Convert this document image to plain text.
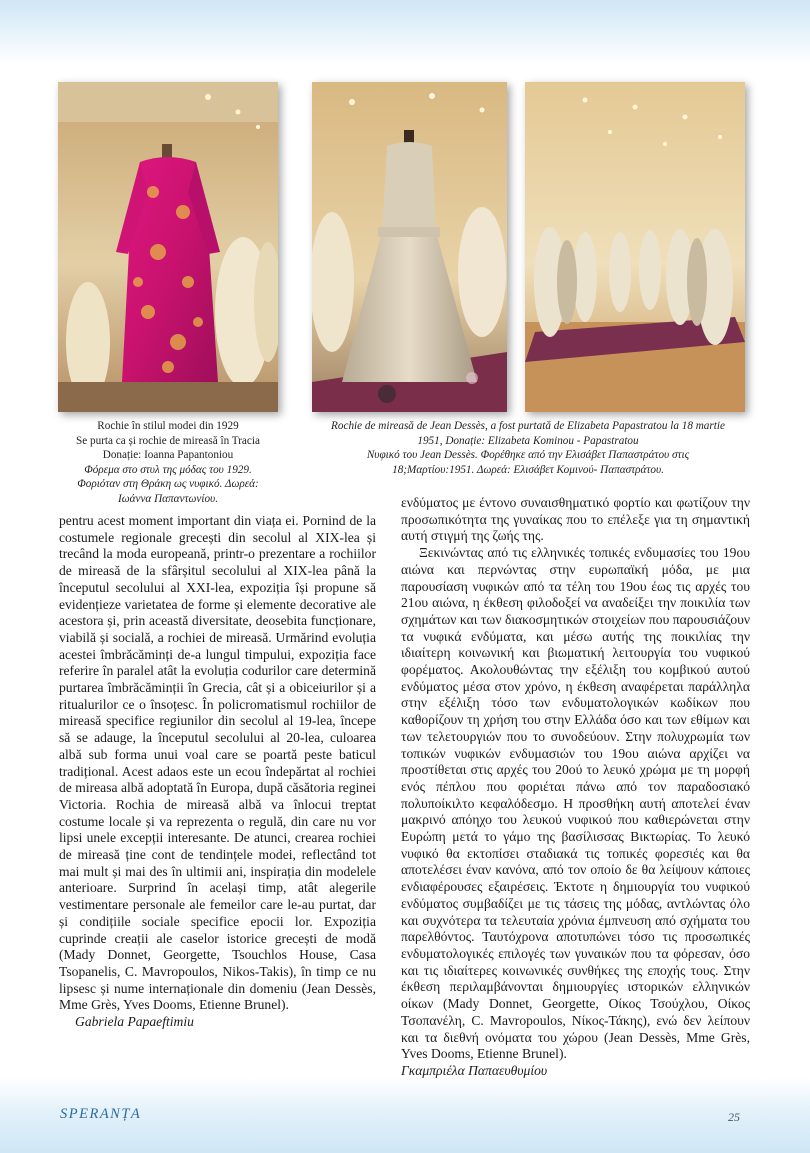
Rochie în stilul modei din 1929
Se purta ca și rochie de mireasă în Tracia
Donație: Ioanna Papantoniou
Φόρεμα στο στυλ της μόδας του 1929.
Φοριόταν στη Θράκη ως νυφικό. Δωρεά:
Ιωάννα Παπαντωνίου.
Rochie de mireasă de Jean Dessès, a fost purtată de Elizabeta Papastratou la 18 martie
1951, Donație: Elizabeta Kominou - Papastratou
Νυφικό του Jean Dessès. Φορέθηκε από την Ελισάβετ Παπαστράτου στις
18;Μαρτίου:1951. Δωρεά: Ελισάβετ Κομινού- Παπαστράτου.

pentru acest moment important din viața ei. Pornind de la costumele regionale grecești din secolul al XIX-lea și trecând la moda europeană, printr-o prezentare a rochiilor de mireasă de la sfârșitul secolului al XIX-lea până la începutul secolului al XXI-lea, expoziția își propune să evidențieze varietatea de forme și elemente decorative ale acestora și, prin această diversitate, deosebita funcționare, viabilă și socială, a rochiei de mireasă. Urmărind evoluția acestei îmbrăcăminți de-a lungul timpului, expoziția face referire în paralel atât la evoluția codurilor care determină purtarea îmbrăcăminții în Grecia, cât și a obiceiurilor și a ritualurilor ce o însoțesc. În policromatismul rochiilor de mireasă specifice regiunilor din secolul al 19-lea, începe să se adauge, la începutul secolului al 20-lea, culoarea albă sub forma unui voal care se poartă peste baticul tradițional. Acest adaos este un ecou îndepărtat al rochiei de mireasa albă adoptată în Europa, după căsătoria reginei Victoria. Rochia de mireasă albă va înlocui treptat costume locale și va reprezenta o regulă, din care nu vor lipsi unele excepții interesante. De atunci, crearea rochiei de mireasă ține cont de tendințele modei, reflectând tot mai mult și mai des în ultimii ani, inspirația din modelele anterioare. Surprind în același timp, atât alegerile vestimentare personale ale femeilor care le-au purtat, dar și condițiile sociale specifice epocii lor. Expoziția cuprinde creații ale caselor istorice grecești de modă (Mady Donnet, Georgette, Tsouchlos House, Casa Tsopanelis, C. Mavropoulos, Nikos-Takis), în timp ce nu lipsesc și nume internaționale din domeniu (Jean Dessès, Mme Grès, Yves Dooms, Etienne Brunel).

Gabriela Papaeftimiu

ενδύματος με έντονο συναισθηματικό φορτίο και φωτίζουν την προσωπικότητα της γυναίκας που το επέλεξε για τη σημαντική αυτή στιγμή της ζωής της.

Ξεκινώντας από τις ελληνικές τοπικές ενδυμασίες του 19ου αιώνα και περνώντας στην ευρωπαϊκή μόδα, με μια παρουσίαση νυφικών από τα τέλη του 19ου έως τις αρχές του 21ου αιώνα, η έκθεση φιλοδοξεί να αναδείξει την ποικιλία των σχημάτων και των διακοσμητικών στοιχείων που παρουσιάζουν τα νυφικά ενδύματα, και μέσω αυτής της ποικιλίας την ιδιαίτερη κοινωνική και βιωματική λειτουργία του νυφικού φορέματος. Ακολουθώντας την εξέλιξη του κομβικού αυτού ενδύματος μέσα στον χρόνο, η έκθεση αναφέρεται παράλληλα στην εξέλιξη τόσο των ενδυματολογικών κωδίκων που καθορίζουν τη χρήση του στην Ελλάδα όσο και των εθίμων και των τελετουργιών που το συνοδεύουν. Στην πολυχρωμία των τοπικών νυφικών ενδυμασιών του 19ου αιώνα αρχίζει να προστίθεται στις αρχές του 20ού το λευκό χρώμα με τη μορφή ενός πέπλου που φοριέται πάνω από τον παραδοσιακό πολυποίκιλτο κεφαλόδεσμο. Η προσθήκη αυτή αποτελεί έναν μακρινό απόηχο του λευκού νυφικού που καθιερώνεται στην Ευρώπη μετά το γάμο της βασίλισσας Βικτωρίας. Το λευκό νυφικό θα εκτοπίσει σταδιακά τις τοπικές φορεσιές και θα αποτελέσει έναν κανόνα, από τον οποίο δε θα λείψουν κάποιες ενδιαφέρουσες εξαιρέσεις. Έκτοτε η δημιουργία του νυφικού ενδύματος συμβαδίζει με τις τάσεις της μόδας, αντλώντας όλο και συχνότερα τα τελευταία χρόνια έμπνευση από σχήματα του παρελθόντος. Ταυτόχρονα αποτυπώνει τόσο τις προσωπικές ενδυματολογικές επιλογές των γυναικών που τα φόρεσαν, όσο και τις ιδιαίτερες κοινωνικές συνθήκες της εποχής τους. Στην έκθεση περιλαμβάνονται δημιουργίες ιστορικών ελληνικών οίκων (Mady Donnet, Georgette, Οίκος Τσούχλου, Οίκος Τσοπανέλη, C. Mavropoulos, Νίκος-Τάκης), ενώ δεν λείπουν και τα διεθνή ονόματα του χώρου (Jean Dessès, Mme Grès, Yves Dooms, Etienne Brunel).

Γκαμπριέλα Παπαευθυμίου

SPERANȚA	25
